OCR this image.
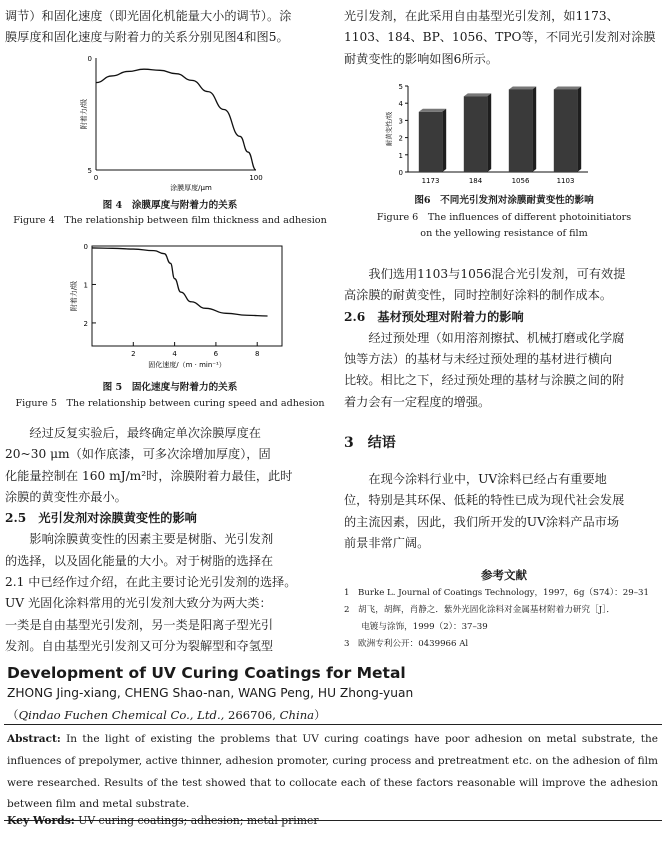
调节）和固化速度（即光固化机能量大小的调节）。涂
膜厚度和固化速度与附着力的关系分别见图4和图5。
0
5
0	100
涂膜厚度/μm
附着力/级
图 4　涂膜厚度与附着力的关系
Figure 4　The relationship between film thickness and adhesion
0
1
2
2	4	6	8
固化速度/（m · min⁻¹）
附着力/级
图 5　固化速度与附着力的关系
Figure 5　The relationship between curing speed and adhesion
经过反复实验后，最终确定单次涂膜厚度在
20~30 μm（如作底漆，可多次涂增加厚度），固
化能量控制在 160 mJ/m²时，涂膜附着力最佳，此时
涂膜的黄变性亦最小。
2.5　光引发剂对涂膜黄变性的影响
影响涂膜黄变性的因素主要是树脂、光引发剂
的选择，以及固化能量的大小。对于树脂的选择在
2.1 中已经作过介绍，在此主要讨论光引发剂的选择。
UV 光固化涂料常用的光引发剂大致分为两大类：
一类是自由基型光引发剂，另一类是阳离子型光引
发剂。自由基型光引发剂又可分为裂解型和夺氢型
光引发剂，在此采用自由基型光引发剂，如1173、
1103、184、BP、1056、TPO等，不同光引发剂对涂膜
耐黄变性的影响如图6所示。
0
1
2
3
4
5
耐黄变性/级
1173	184	1056	1103
图6　不同光引发剂对涂膜耐黄变性的影响
Figure 6　The influences of different photoinitiators
on the yellowing resistance of film
我们选用1103与1056混合光引发剂，可有效提
高涂膜的耐黄变性，同时控制好涂料的制作成本。
2.6　基材预处理对附着力的影响
经过预处理（如用溶剂擦拭、机械打磨或化学腐
蚀等方法）的基材与未经过预处理的基材进行横向
比较。相比之下，经过预处理的基材与涂膜之间的附
着力会有一定程度的增强。
3　结语
在现今涂料行业中，UV涂料已经占有重要地
位，特别是其环保、低耗的特性已成为现代社会发展
的主流因素，因此，我们所开发的UV涂料产品市场
前景非常广阔。
参考文献
1　Burke L. Journal of Coatings Technology，1997，6g（S74）：29–31
2　胡飞，胡辉，肖静之．紫外光固化涂料对金属基材附着力研究［J］．
　　电镀与涂饰，1999（2）：37–39
3　欧洲专利公开：0439966 Al
Development of UV Curing Coatings for Metal
ZHONG Jing-xiang, CHENG Shao-nan, WANG Peng, HU Zhong-yuan
（Qindao Fuchen Chemical Co., Ltd., 266706, China）

Abstract: In the light of existing the problems that UV curing coatings have poor adhesion on metal substrate, the influences of prepolymer, active thinner, adhesion promoter, curing process and pretreatment etc. on the adhesion of film were researched. Results of the test showed that to collocate each of these factors reasonable will improve the adhesion between film and metal substrate.

Key Words: UV curing coatings; adhesion; metal primer
